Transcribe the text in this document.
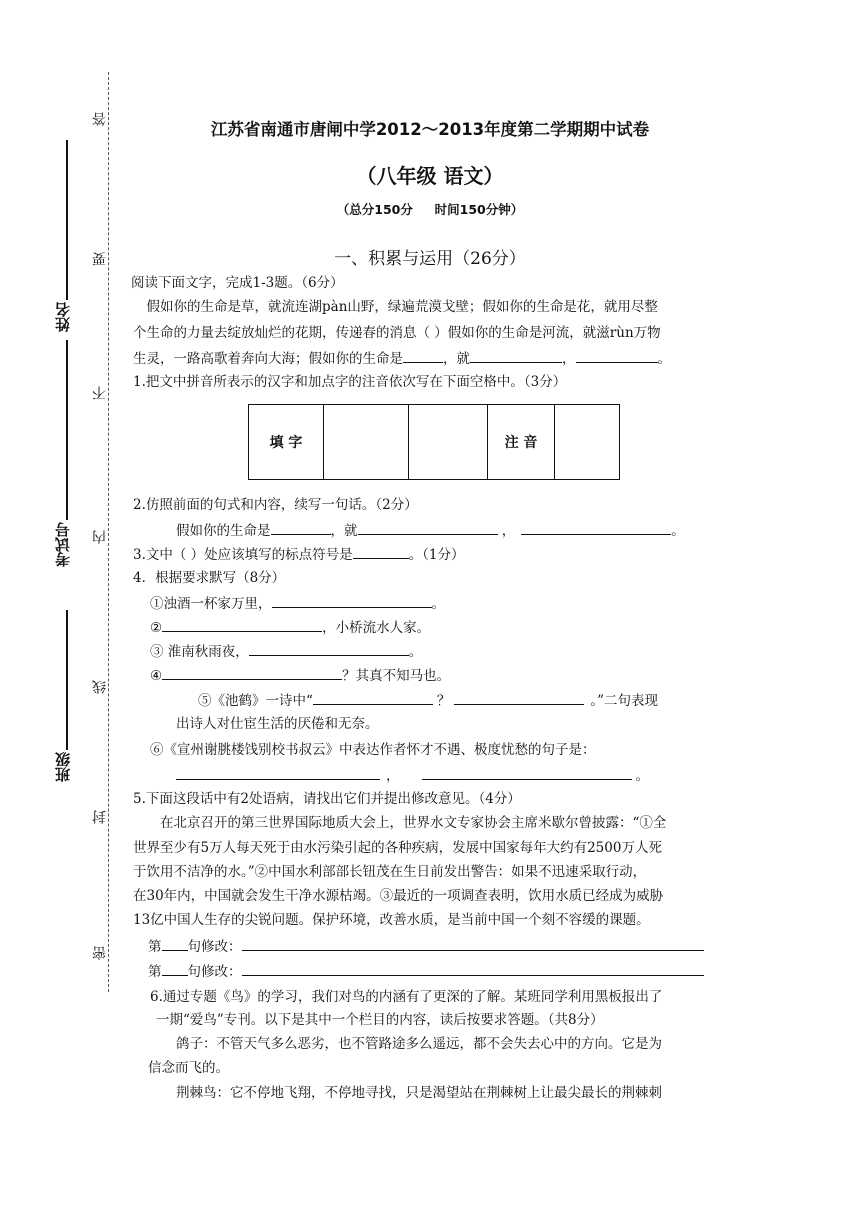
答
要
不
内
线
封
密
姓名
考试号
班级
江苏省南通市唐闸中学2012～2013年度第二学期期中试卷
（八年级 语文）
（总分150分     时间150分钟）
一、积累与运用（26分）
阅读下面文字，完成1-3题。（6分）
　假如你的生命是草，就流连湖pàn山野，绿遍荒漠戈壁；假如你的生命是花，就用尽整
个生命的力量去绽放灿烂的花期，传递春的消息（ ）假如你的生命是河流，就滋rùn万物
生灵，一路高歌着奔向大海；假如你的生命是	，就	，	。
1.把文中拼音所表示的汉字和加点字的注音依次写在下面空格中。（3分）
填 字			注 音	
2.仿照前面的句式和内容，续写一句话。（2分）
假如你的生命是	，就	，	。
3.文中（ ）处应该填写的标点符号是	。（1分）
4．根据要求默写（8分）
①浊酒一杯家万里，	。
②	，小桥流水人家。
③ 淮南秋雨夜，	。
④	？其真不知马也。
⑤《池鹤》一诗中“	？	。”二句表现
出诗人对仕宦生活的厌倦和无奈。
⑥《宣州谢朓楼饯别校书叔云》中表达作者怀才不遇、极度忧愁的句子是：
，	。
5.下面这段话中有2处语病，请找出它们并提出修改意见。（4分）
　　在北京召开的第三世界国际地质大会上，世界水文专家协会主席米歇尔曾披露：“①全
世界至少有5万人每天死于由水污染引起的各种疾病，发展中国家每年大约有2500万人死
于饮用不洁净的水。”②中国水利部部长钮茂在生日前发出警告：如果不迅速采取行动，
在30年内，中国就会发生干净水源枯竭。③最近的一项调查表明，饮用水质已经成为威胁
13亿中国人生存的尖锐问题。保护环境，改善水质，是当前中国一个刻不容缓的课题。
第 句修改：
第 句修改：
6.通过专题《鸟》的学习，我们对鸟的内涵有了更深的了解。某班同学利用黑板报出了
一期“爱鸟”专刊。以下是其中一个栏目的内容，读后按要求答题。（共8分）
鸽子：不管天气多么恶劣，也不管路途多么遥远，都不会失去心中的方向。它是为
信念而飞的。
荆棘鸟：它不停地飞翔，不停地寻找，只是渴望站在荆棘树上让最尖最长的荆棘刺
